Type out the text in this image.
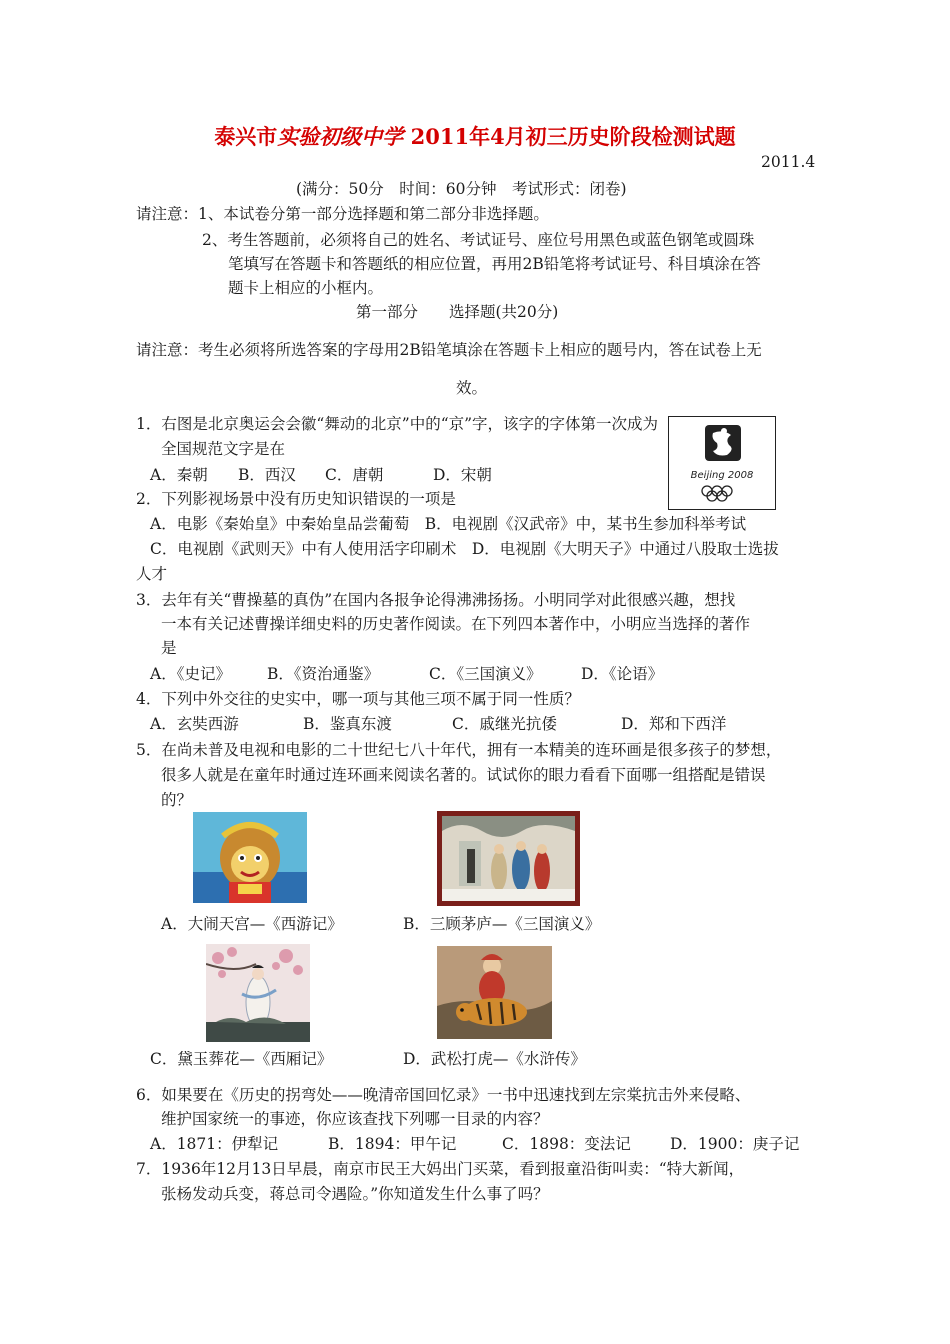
泰兴市实验初级中学 2011年4月初三历史阶段检测试题
2011.4
(满分：50分　时间：60分钟　考试形式：闭卷)
请注意：1、本试卷分第一部分选择题和第二部分非选择题。
2、考生答题前，必须将自己的姓名、考试证号、座位号用黑色或蓝色钢笔或圆珠
笔填写在答题卡和答题纸的相应位置，再用2B铅笔将考试证号、科目填涂在答
题卡上相应的小框内。
第一部分　　选择题(共20分)
请注意：考生必须将所选答案的字母用2B铅笔填涂在答题卡上相应的题号内，答在试卷上无
效。
1．右图是北京奥运会会徽“舞动的北京”中的“京”字，该字的字体第一次成为
全国规范文字是在
A．秦朝 B．西汉 C．唐朝	D．宋朝	Beijing 2008
2．下列影视场景中没有历史知识错误的一项是
A．电影《秦始皇》中秦始皇品尝葡萄　B．电视剧《汉武帝》中，某书生参加科举考试
C．电视剧《武则天》中有人使用活字印刷术　D．电视剧《大明天子》中通过八股取士选拔
人才
3．去年有关“曹操墓的真伪”在国内各报争论得沸沸扬扬。小明同学对此很感兴趣，想找
一本有关记述曹操详细史料的历史著作阅读。在下列四本著作中，小明应当选择的著作
是
A．《史记》 B．《资治通鉴》	C．《三国演义》	D．《论语》
4．下列中外交往的史实中，哪一项与其他三项不属于同一性质？
A．玄奘西游	B．鉴真东渡	C．戚继光抗倭	D．郑和下西洋
5．在尚未普及电视和电影的二十世纪七八十年代，拥有一本精美的连环画是很多孩子的梦想，
很多人就是在童年时通过连环画来阅读名著的。试试你的眼力看看下面哪一组搭配是错误
的？
A．大闹天宫—《西游记》	B．三顾茅庐—《三国演义》
C．黛玉葬花—《西厢记》	D．武松打虎—《水浒传》
6．如果要在《历史的拐弯处——晚清帝国回忆录》一书中迅速找到左宗棠抗击外来侵略、
维护国家统一的事迹，你应该查找下列哪一目录的内容？
A．1871：伊犁记	B．1894：甲午记	C．1898：变法记	D．1900：庚子记
7．1936年12月13日早晨，南京市民王大妈出门买菜，看到报童沿街叫卖：“特大新闻，
张杨发动兵变，蒋总司令遇险。”你知道发生什么事了吗？
